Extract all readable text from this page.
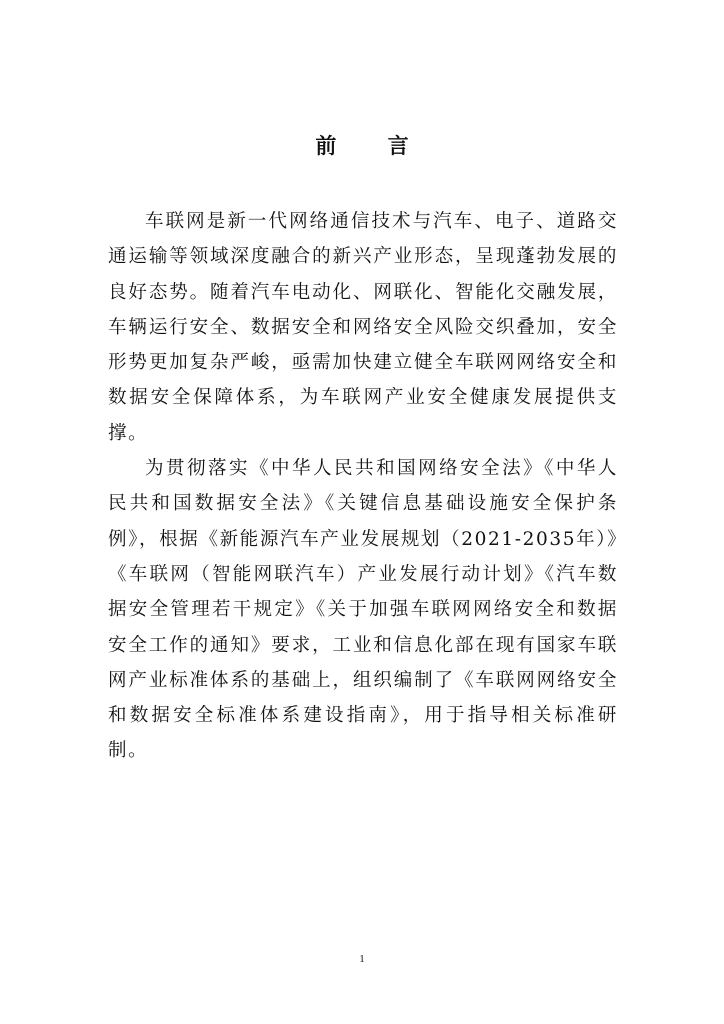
前 言

车联网是新一代网络通信技术与汽车、电子、道路交通运输等领域深度融合的新兴产业形态，呈现蓬勃发展的良好态势。随着汽车电动化、网联化、智能化交融发展，车辆运行安全、数据安全和网络安全风险交织叠加，安全形势更加复杂严峻，亟需加快建立健全车联网网络安全和数据安全保障体系，为车联网产业安全健康发展提供支撑。

为贯彻落实《中华人民共和国网络安全法》《中华人民共和国数据安全法》《关键信息基础设施安全保护条例》，根据《新能源汽车产业发展规划（2021-2035年）》《车联网（智能网联汽车）产业发展行动计划》《汽车数据安全管理若干规定》《关于加强车联网网络安全和数据安全工作的通知》要求，工业和信息化部在现有国家车联网产业标准体系的基础上，组织编制了《车联网网络安全和数据安全标准体系建设指南》，用于指导相关标准研制。

1
